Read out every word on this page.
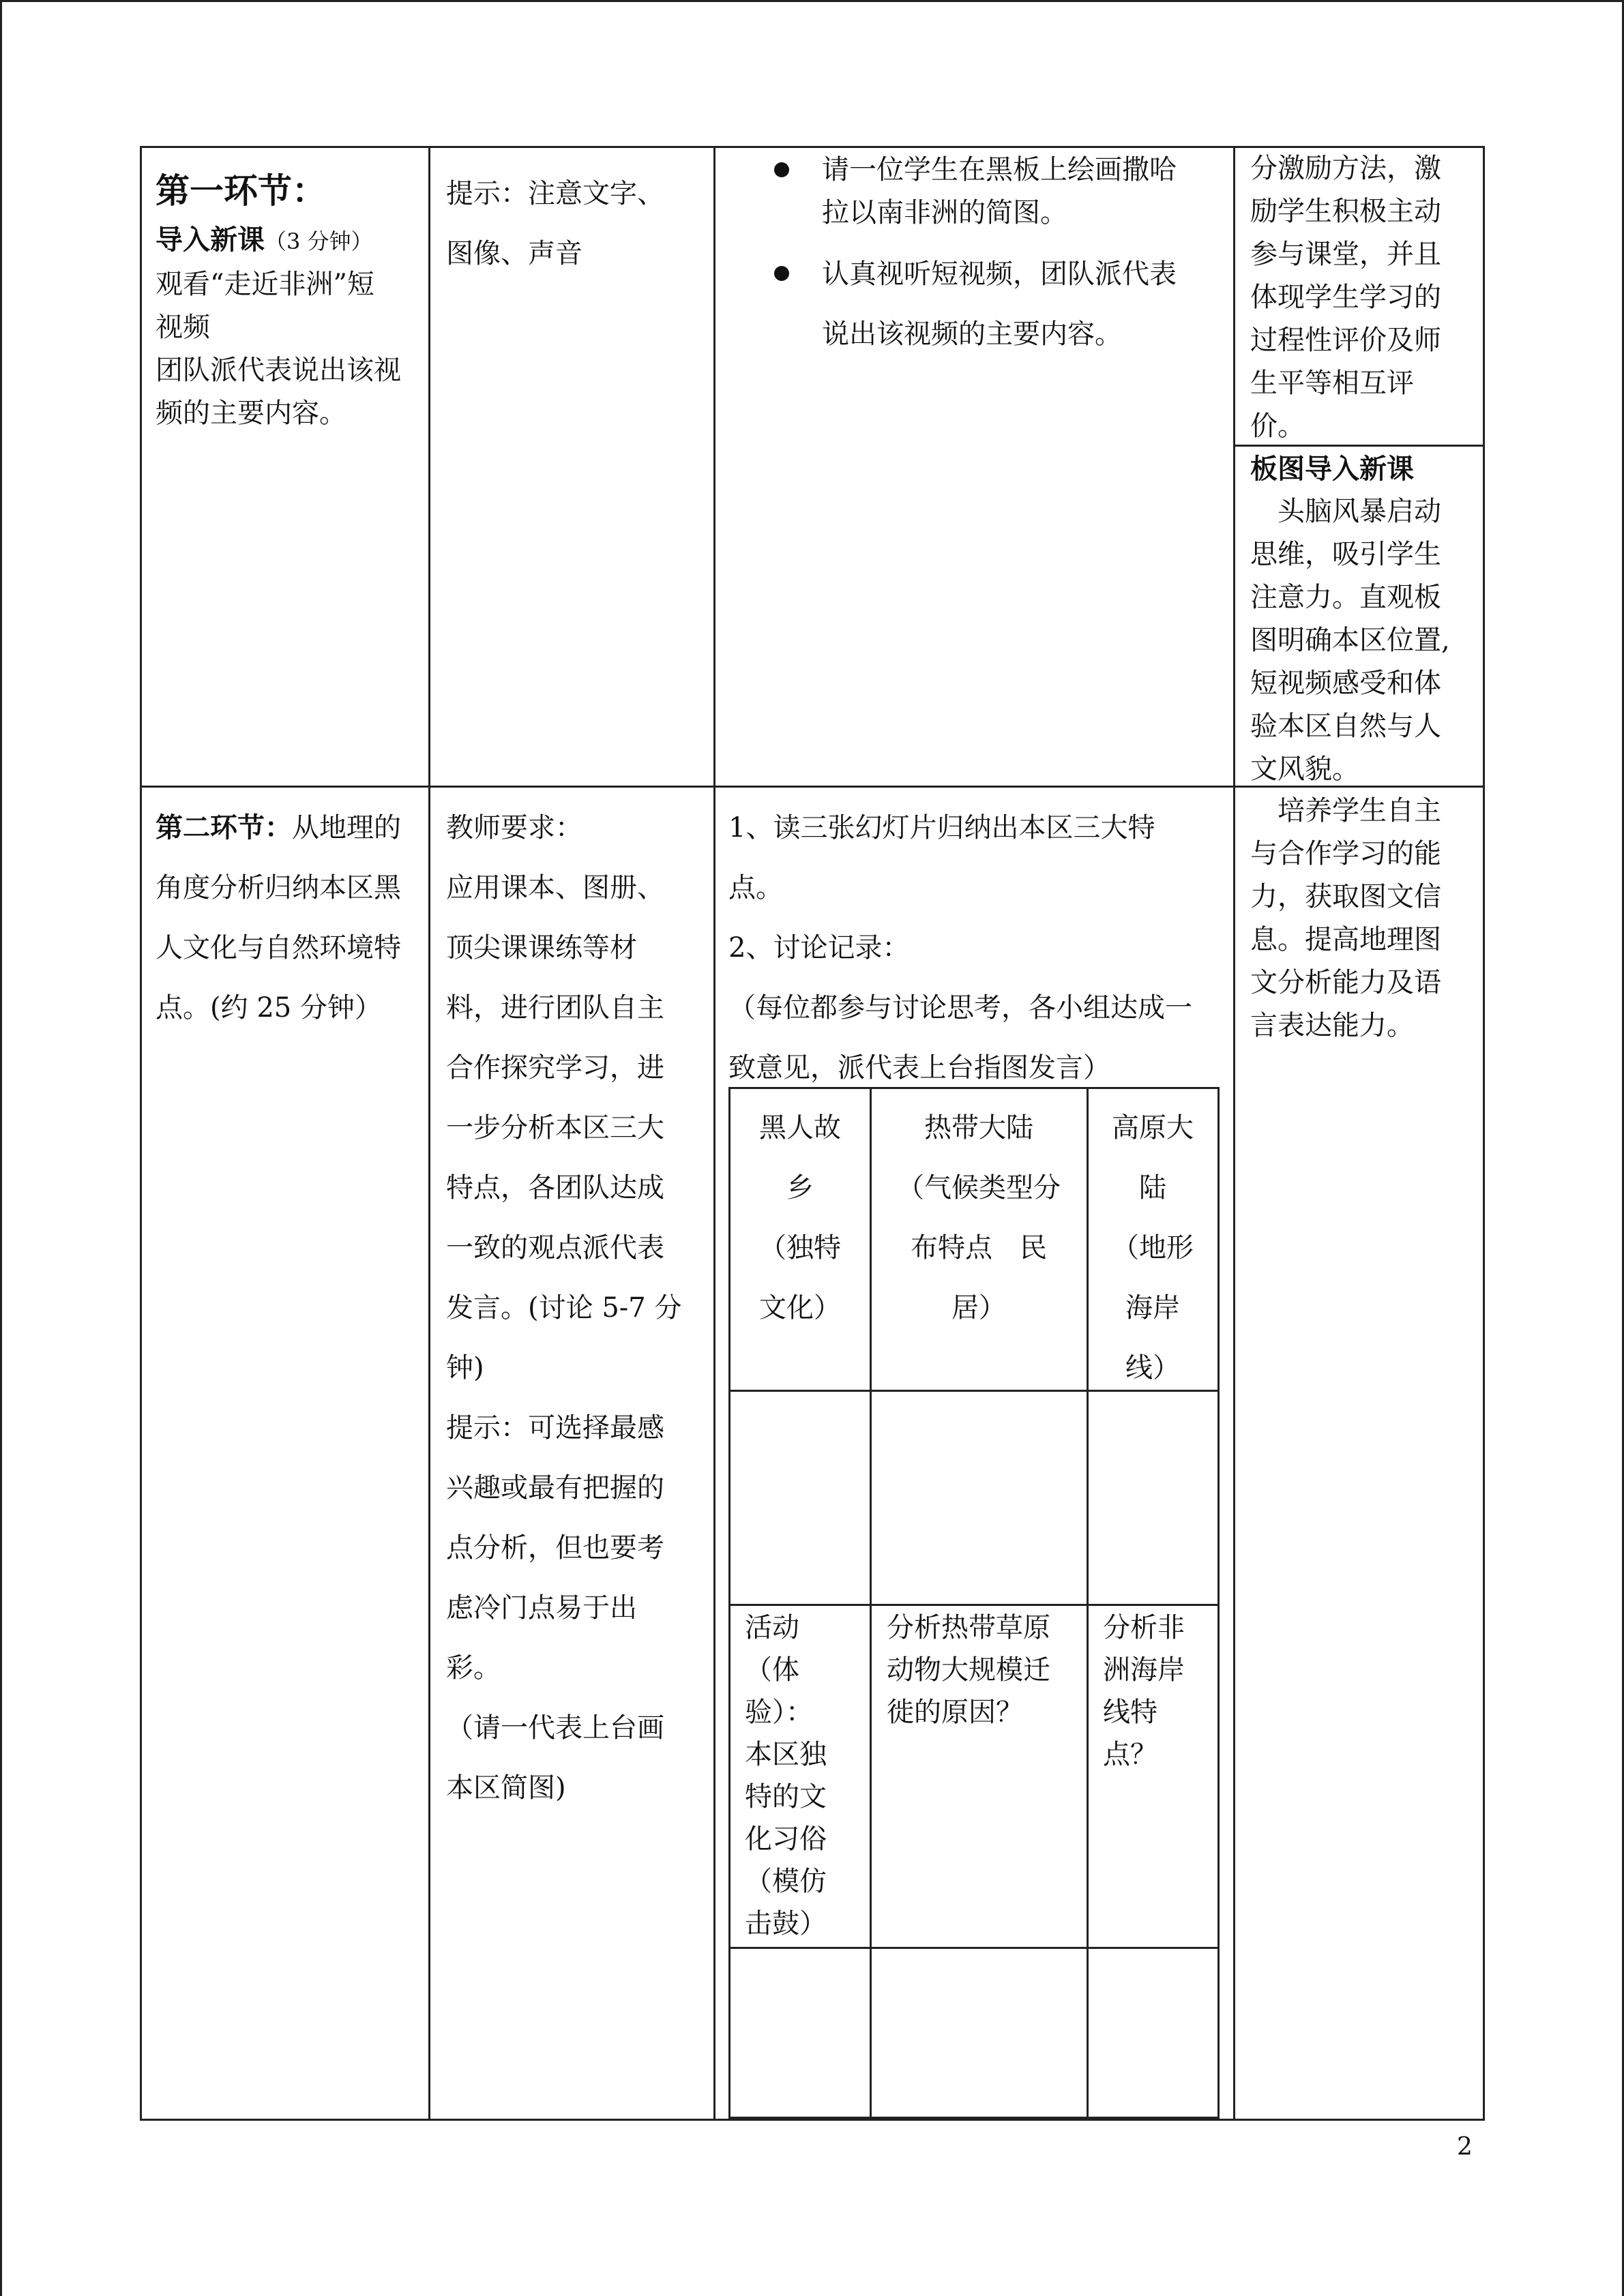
第一环节：
导入新课（3 分钟）
观看“走近非洲”短
视频
团队派代表说出该视
频的主要内容。
提示：注意文字、
图像、声音
请一位学生在黑板上绘画撒哈
拉以南非洲的简图。
认真视听短视频，团队派代表
说出该视频的主要内容。
分激励方法，激
励学生积极主动
参与课堂，并且
体现学生学习的
过程性评价及师
生平等相互评
价。
板图导入新课
　头脑风暴启动
思维，吸引学生
注意力。直观板
图明确本区位置,
短视频感受和体
验本区自然与人
文风貌。
第二环节：从地理的
角度分析归纳本区黑
人文化与自然环境特
点。(约 25 分钟）
教师要求：
应用课本、图册、
顶尖课课练等材
料，进行团队自主
合作探究学习，进
一步分析本区三大
特点，各团队达成
一致的观点派代表
发言。(讨论 5-7 分
钟)
提示：可选择最感
兴趣或最有把握的
点分析，但也要考
虑冷门点易于出
彩。
（请一代表上台画
本区简图)
1、读三张幻灯片归纳出本区三大特
点。
2、讨论记录：
（每位都参与讨论思考，各小组达成一
致意见，派代表上台指图发言）
黑人故
乡
（独特
文化）
热带大陆
（气候类型分
布特点　民
居）
高原大
陆
（地形
海岸
线）
活动
（体
验）：
本区独
特的文
化习俗
（模仿
击鼓）
分析热带草原
动物大规模迁
徙的原因？
分析非
洲海岸
线特
点？
　培养学生自主
与合作学习的能
力，获取图文信
息。提高地理图
文分析能力及语
言表达能力。
2
